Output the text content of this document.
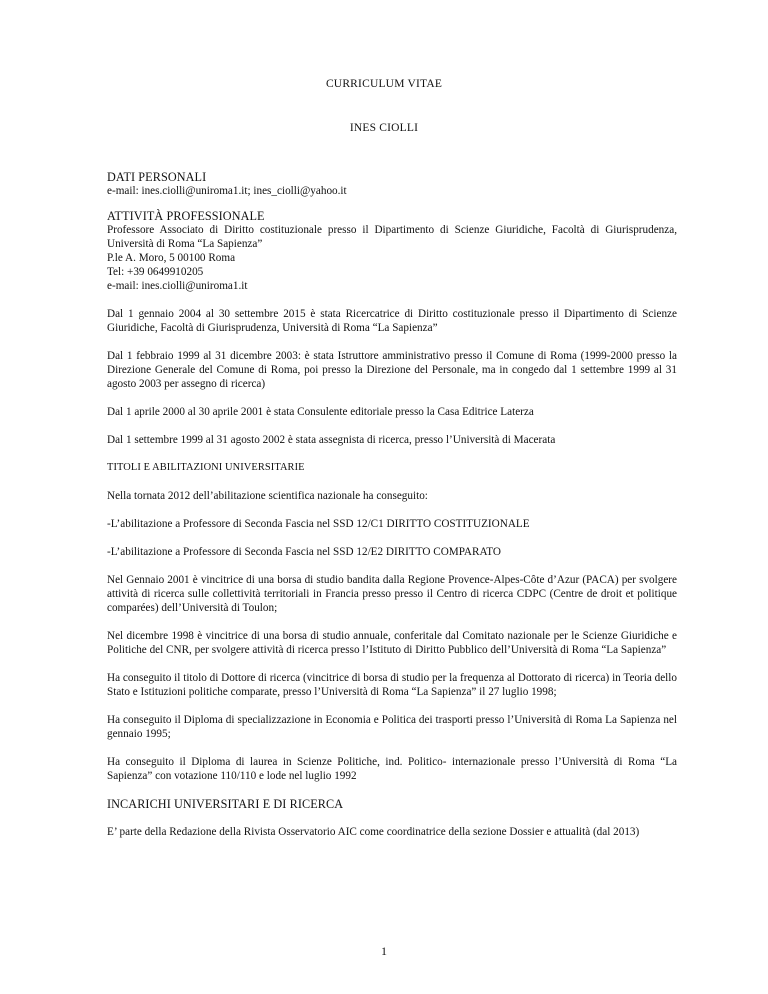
CURRICULUM VITAE
INES CIOLLI
DATI PERSONALI
e-mail: ines.ciolli@uniroma1.it; ines_ciolli@yahoo.it
ATTIVITÀ PROFESSIONALE
Professore Associato di Diritto costituzionale presso il Dipartimento di Scienze Giuridiche, Facoltà di Giurisprudenza, Università di Roma “La Sapienza”
P.le A. Moro, 5 00100 Roma
Tel: +39 0649910205
e-mail: ines.ciolli@uniroma1.it

Dal 1 gennaio 2004 al 30 settembre 2015 è stata Ricercatrice di Diritto costituzionale presso il Dipartimento di Scienze Giuridiche, Facoltà di Giurisprudenza, Università di Roma “La Sapienza”

Dal 1 febbraio 1999 al 31 dicembre 2003: è stata Istruttore amministrativo presso il Comune di Roma (1999-2000 presso la Direzione Generale del Comune di Roma, poi presso la Direzione del Personale, ma in congedo dal 1 settembre 1999 al 31 agosto 2003 per assegno di ricerca)

Dal 1 aprile 2000 al 30 aprile 2001 è stata Consulente editoriale presso la Casa Editrice Laterza

Dal 1 settembre 1999 al 31 agosto 2002 è stata assegnista di ricerca, presso l’Università di Macerata

TITOLI E ABILITAZIONI UNIVERSITARIE

Nella tornata 2012 dell’abilitazione scientifica nazionale ha conseguito:

-L’abilitazione a Professore di Seconda Fascia nel SSD 12/C1 DIRITTO COSTITUZIONALE

-L’abilitazione a Professore di Seconda Fascia nel SSD 12/E2 DIRITTO COMPARATO

Nel Gennaio 2001 è vincitrice di una borsa di studio bandita dalla Regione Provence-Alpes-Côte d’Azur (PACA) per svolgere attività di ricerca sulle collettività territoriali in Francia presso presso il Centro di ricerca CDPC (Centre de droit et politique comparées) dell’Università di Toulon;

Nel dicembre 1998 è vincitrice di una borsa di studio annuale, conferitale dal Comitato nazionale per le Scienze Giuridiche e Politiche del CNR, per svolgere attività di ricerca presso l’Istituto di Diritto Pubblico dell’Università di Roma “La Sapienza”

Ha conseguito il titolo di Dottore di ricerca (vincitrice di borsa di studio per la frequenza al Dottorato di ricerca) in Teoria dello Stato e Istituzioni politiche comparate, presso l’Università di Roma “La Sapienza” il 27 luglio 1998;

Ha conseguito il Diploma di specializzazione in Economia e Politica dei trasporti presso l’Università di Roma La Sapienza nel gennaio 1995;

Ha conseguito il Diploma di laurea in Scienze Politiche, ind. Politico- internazionale presso l’Università di Roma “La Sapienza” con votazione 110/110 e lode nel luglio 1992

INCARICHI UNIVERSITARI E DI RICERCA

E’ parte della Redazione della Rivista Osservatorio AIC come coordinatrice della sezione Dossier e attualità (dal 2013)

1
